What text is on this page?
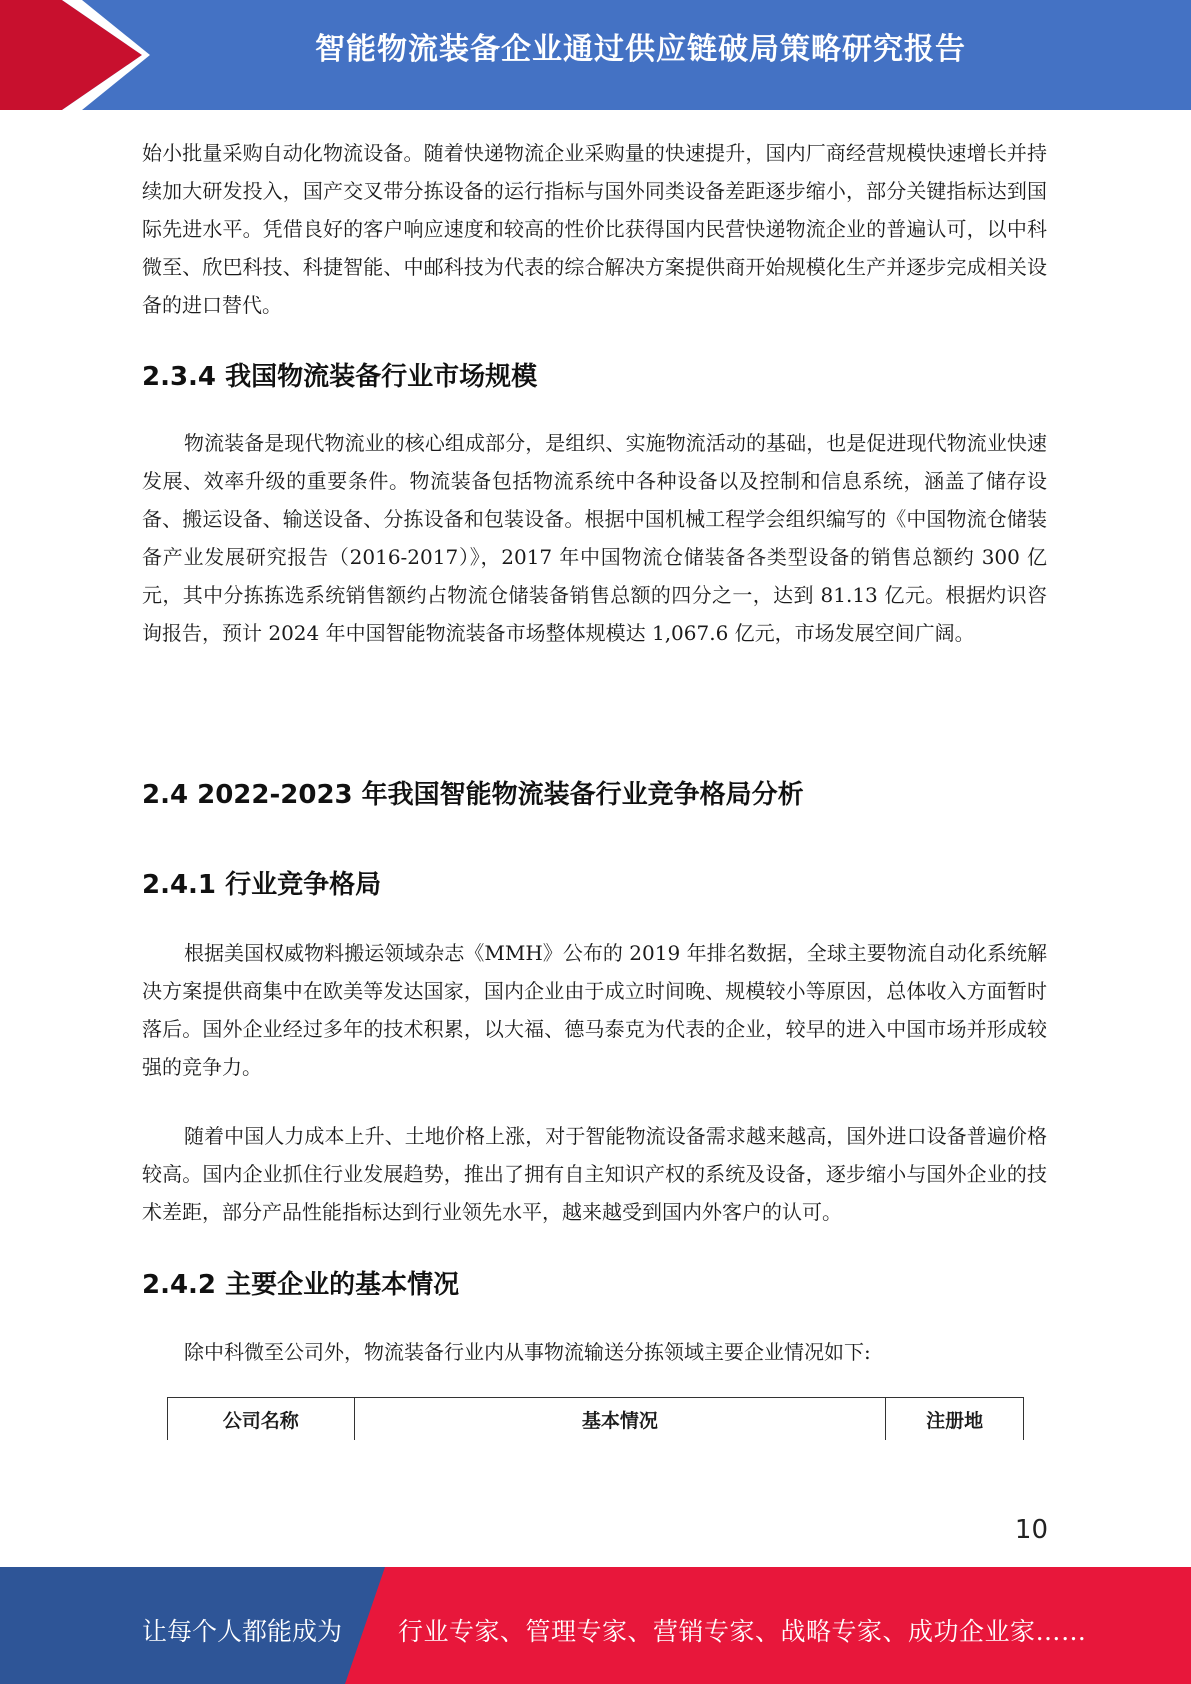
智能物流装备企业通过供应链破局策略研究报告

始小批量采购自动化物流设备。随着快递物流企业采购量的快速提升，国内厂商经营规模快速增长并持续加大研发投入，国产交叉带分拣设备的运行指标与国外同类设备差距逐步缩小，部分关键指标达到国际先进水平。凭借良好的客户响应速度和较高的性价比获得国内民营快递物流企业的普遍认可，以中科微至、欣巴科技、科捷智能、中邮科技为代表的综合解决方案提供商开始规模化生产并逐步完成相关设备的进口替代。

2.3.4 我国物流装备行业市场规模

物流装备是现代物流业的核心组成部分，是组织、实施物流活动的基础，也是促进现代物流业快速发展、效率升级的重要条件。物流装备包括物流系统中各种设备以及控制和信息系统，涵盖了储存设备、搬运设备、输送设备、分拣设备和包装设备。根据中国机械工程学会组织编写的《中国物流仓储装备产业发展研究报告（2016-2017）》，2017 年中国物流仓储装备各类型设备的销售总额约 300 亿元，其中分拣拣选系统销售额约占物流仓储装备销售总额的四分之一，达到 81.13 亿元。根据灼识咨询报告，预计 2024 年中国智能物流装备市场整体规模达 1,067.6 亿元，市场发展空间广阔。

2.4 2022-2023 年我国智能物流装备行业竞争格局分析
2.4.1 行业竞争格局

根据美国权威物料搬运领域杂志《MMH》公布的 2019 年排名数据，全球主要物流自动化系统解决方案提供商集中在欧美等发达国家，国内企业由于成立时间晚、规模较小等原因，总体收入方面暂时落后。国外企业经过多年的技术积累，以大福、德马泰克为代表的企业，较早的进入中国市场并形成较强的竞争力。

随着中国人力成本上升、土地价格上涨，对于智能物流设备需求越来越高，国外进口设备普遍价格较高。国内企业抓住行业发展趋势，推出了拥有自主知识产权的系统及设备，逐步缩小与国外企业的技术差距，部分产品性能指标达到行业领先水平，越来越受到国内外客户的认可。

2.4.2 主要企业的基本情况

除中科微至公司外，物流装备行业内从事物流输送分拣领域主要企业情况如下:

公司名称	基本情况	注册地
10
让每个人都能成为 行业专家、管理专家、营销专家、战略专家、成功企业家……
